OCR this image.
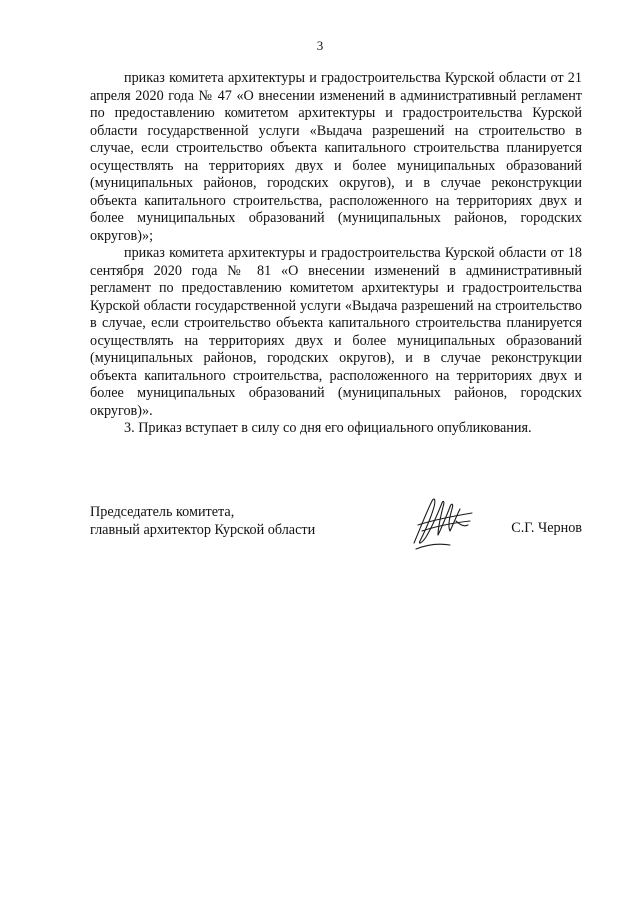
3

приказ комитета архитектуры и градостроительства Курской области от 21 апреля 2020 года № 47 «О внесении изменений в административный регламент по предоставлению комитетом архитектуры и градостроительства Курской области государственной услуги «Выдача разрешений на строительство в случае, если строительство объекта капитального строительства планируется осуществлять на территориях двух и более муниципальных образований (муниципальных районов, городских округов), и в случае реконструкции объекта капитального строительства, расположенного на территориях двух и более муниципальных образований (муниципальных районов, городских округов)»;

приказ комитета архитектуры и градостроительства Курской области от 18 сентября 2020 года № 81 «О внесении изменений в административный регламент по предоставлению комитетом архитектуры и градостроительства Курской области государственной услуги «Выдача разрешений на строительство в случае, если строительство объекта капитального строительства планируется осуществлять на территориях двух и более муниципальных образований (муниципальных районов, городских округов), и в случае реконструкции объекта капитального строительства, расположенного на территориях двух и более муниципальных образований (муниципальных районов, городских округов)».

3. Приказ вступает в силу со дня его официального опубликования.

Председатель комитета,
главный архитектор Курской области	С.Г. Чернов
